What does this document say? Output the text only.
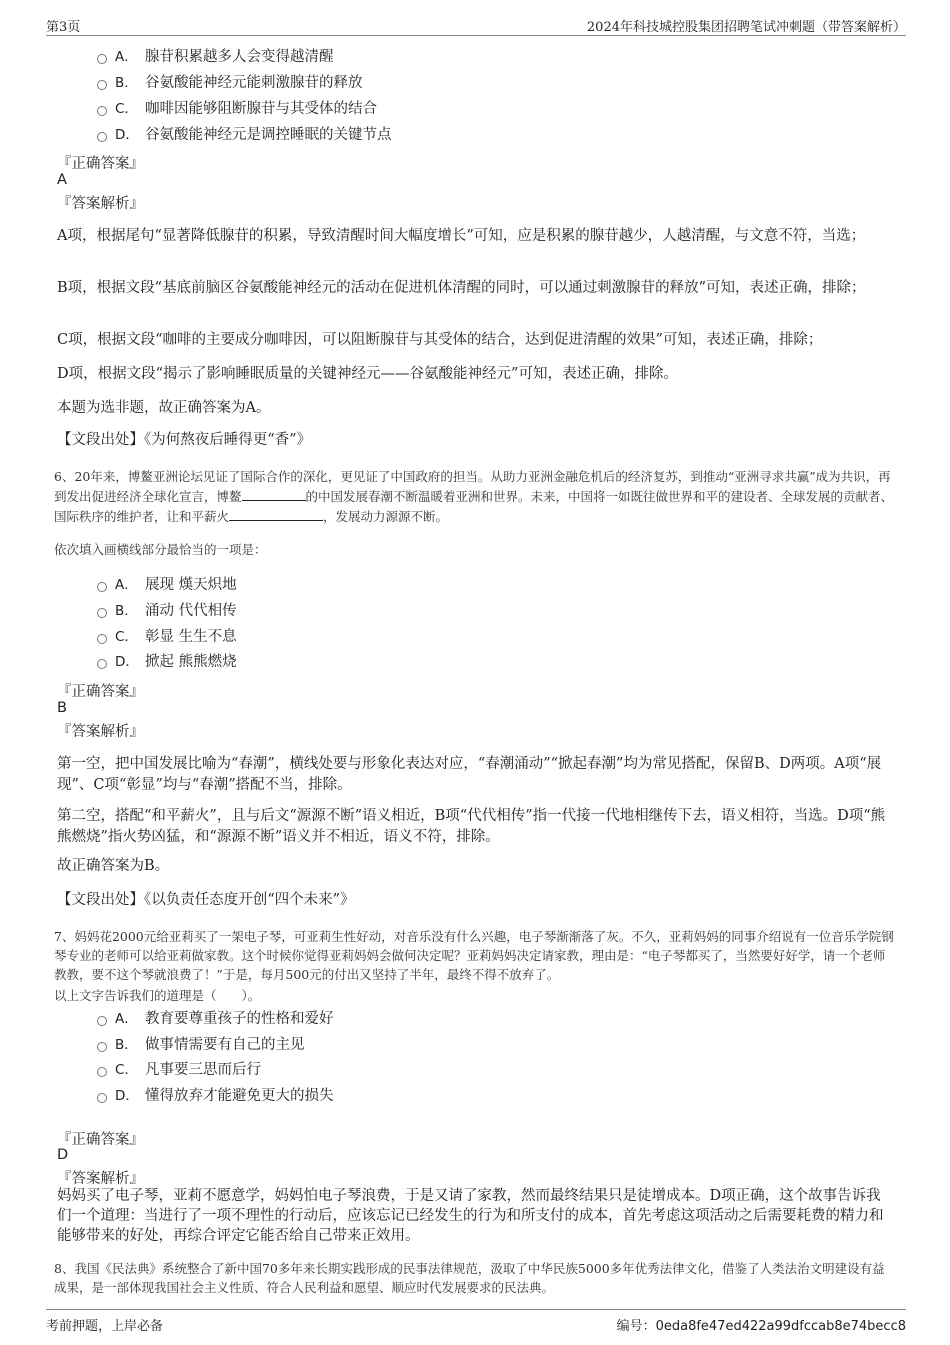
第3页	2024年科技城控股集团招聘笔试冲刺题（带答案解析）
A． 腺苷积累越多人会变得越清醒
B． 谷氨酸能神经元能刺激腺苷的释放
C． 咖啡因能够阻断腺苷与其受体的结合
D． 谷氨酸能神经元是调控睡眠的关键节点
『正确答案』
A
『答案解析』
A项，根据尾句“显著降低腺苷的积累，导致清醒时间大幅度增长”可知，应是积累的腺苷越少，人越清醒，与文意不符，当选；
B项，根据文段“基底前脑区谷氨酸能神经元的活动在促进机体清醒的同时，可以通过刺激腺苷的释放”可知，表述正确，排除；
C项，根据文段“咖啡的主要成分咖啡因，可以阻断腺苷与其受体的结合，达到促进清醒的效果”可知，表述正确，排除；
D项，根据文段“揭示了影响睡眠质量的关键神经元——谷氨酸能神经元”可知，表述正确，排除。
本题为选非题，故正确答案为A。
【文段出处】《为何熬夜后睡得更“香”》
6、20年来，博鳌亚洲论坛见证了国际合作的深化，更见证了中国政府的担当。从助力亚洲金融危机后的经济复苏，到推动“亚洲寻求共赢”成为共识，再到发出促进经济全球化宣言，博鳌	的中国发展春潮不断温暖着亚洲和世界。未来，中国将一如既往做世界和平的建设者、全球发展的贡献者、国际秩序的维护者，让和平薪火	，发展动力源源不断。
依次填入画横线部分最恰当的一项是：
A． 展现 熯天炽地
B． 涌动 代代相传
C． 彰显 生生不息
D． 掀起 熊熊燃烧
『正确答案』
B
『答案解析』
第一空，把中国发展比喻为“春潮”，横线处要与形象化表达对应，“春潮涌动”“掀起春潮”均为常见搭配，保留B、D两项。A项“展现”、C项“彰显”均与“春潮”搭配不当，排除。
第二空，搭配“和平薪火”，且与后文“源源不断”语义相近，B项“代代相传”指一代接一代地相继传下去，语义相符，当选。D项“熊熊燃烧”指火势凶猛，和“源源不断”语义并不相近，语义不符，排除。
故正确答案为B。
【文段出处】《以负责任态度开创“四个未来”》
7、妈妈花2000元给亚莉买了一架电子琴，可亚莉生性好动，对音乐没有什么兴趣，电子琴渐渐落了灰。不久，亚莉妈妈的同事介绍说有一位音乐学院钢琴专业的老师可以给亚莉做家教。这个时候你觉得亚莉妈妈会做何决定呢？亚莉妈妈决定请家教，理由是：“电子琴都买了，当然要好好学，请一个老师教教，要不这个琴就浪费了！”于是，每月500元的付出又坚持了半年，最终不得不放弃了。
以上文字告诉我们的道理是（　　）。
A． 教育要尊重孩子的性格和爱好
B． 做事情需要有自己的主见
C． 凡事要三思而后行
D． 懂得放弃才能避免更大的损失
『正确答案』
D
『答案解析』
妈妈买了电子琴，亚莉不愿意学，妈妈怕电子琴浪费，于是又请了家教，然而最终结果只是徒增成本。D项正确，这个故事告诉我们一个道理：当进行了一项不理性的行动后，应该忘记已经发生的行为和所支付的成本，首先考虑这项活动之后需要耗费的精力和能够带来的好处，再综合评定它能否给自己带来正效用。
8、我国《民法典》系统整合了新中国70多年来长期实践形成的民事法律规范，汲取了中华民族5000多年优秀法律文化，借鉴了人类法治文明建设有益成果，是一部体现我国社会主义性质、符合人民利益和愿望、顺应时代发展要求的民法典。
考前押题，上岸必备	编号：0eda8fe47ed422a99dfccab8e74becc8
